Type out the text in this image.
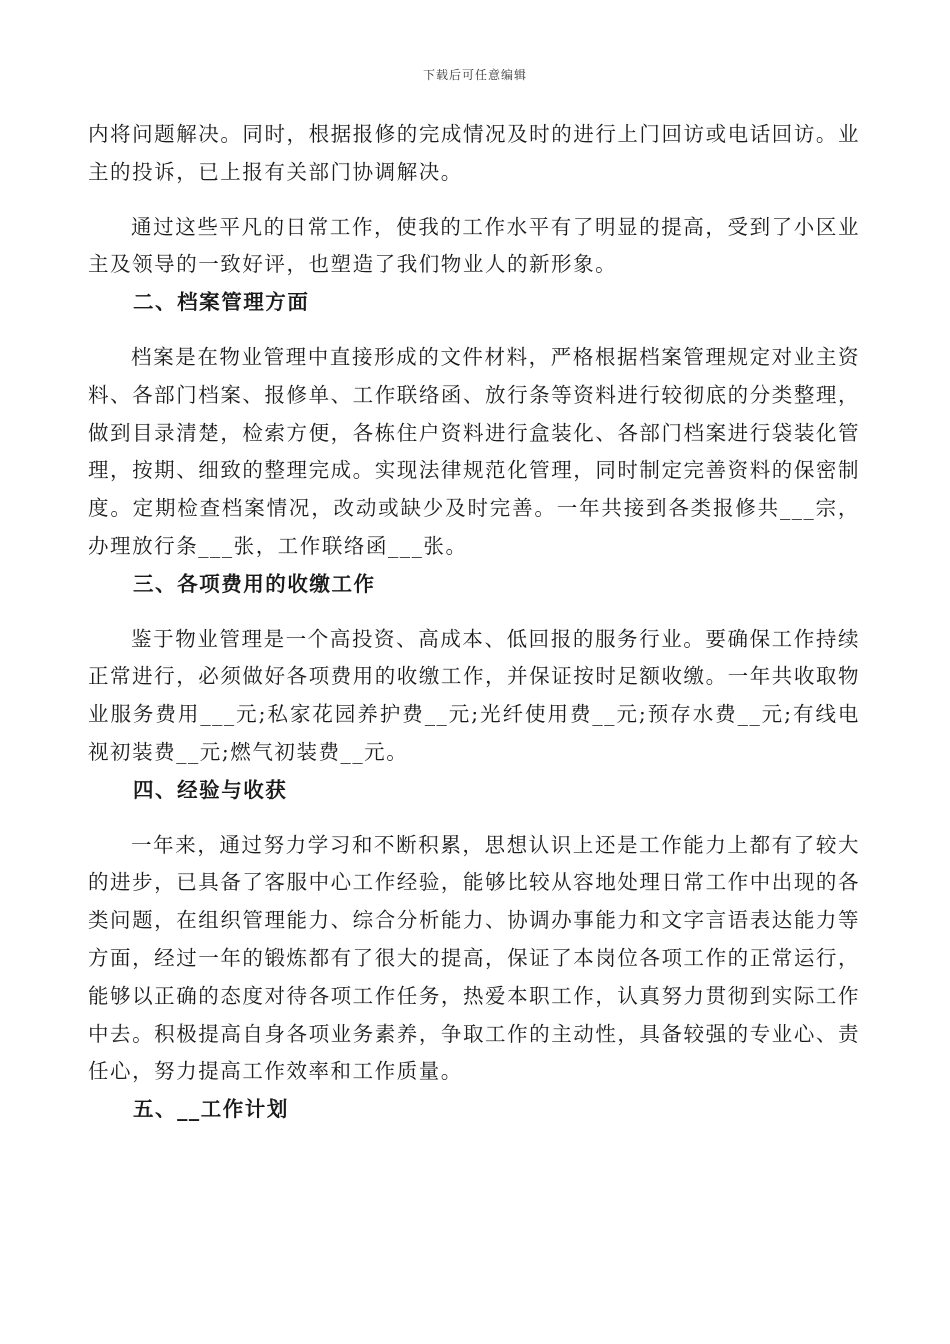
下载后可任意编辑

内将问题解决。同时，根据报修的完成情况及时的进行上门回访或电话回访。业主的投诉，已上报有关部门协调解决。

通过这些平凡的日常工作，使我的工作水平有了明显的提高，受到了小区业主及领导的一致好评，也塑造了我们物业人的新形象。

二、档案管理方面

档案是在物业管理中直接形成的文件材料，严格根据档案管理规定对业主资料、各部门档案、报修单、工作联络函、放行条等资料进行较彻底的分类整理，做到目录清楚，检索方便，各栋住户资料进行盒装化、各部门档案进行袋装化管理，按期、细致的整理完成。实现法律规范化管理，同时制定完善资料的保密制度。定期检查档案情况，改动或缺少及时完善。一年共接到各类报修共___宗，办理放行条___张，工作联络函___张。

三、各项费用的收缴工作

鉴于物业管理是一个高投资、高成本、低回报的服务行业。要确保工作持续正常进行，必须做好各项费用的收缴工作，并保证按时足额收缴。一年共收取物业服务费用___元;私家花园养护费__元;光纤使用费__元;预存水费__元;有线电视初装费__元;燃气初装费__元。

四、经验与收获

一年来，通过努力学习和不断积累，思想认识上还是工作能力上都有了较大的进步，已具备了客服中心工作经验，能够比较从容地处理日常工作中出现的各类问题，在组织管理能力、综合分析能力、协调办事能力和文字言语表达能力等方面，经过一年的锻炼都有了很大的提高，保证了本岗位各项工作的正常运行，能够以正确的态度对待各项工作任务，热爱本职工作，认真努力贯彻到实际工作中去。积极提高自身各项业务素养，争取工作的主动性，具备较强的专业心、责任心，努力提高工作效率和工作质量。

五、__工作计划
